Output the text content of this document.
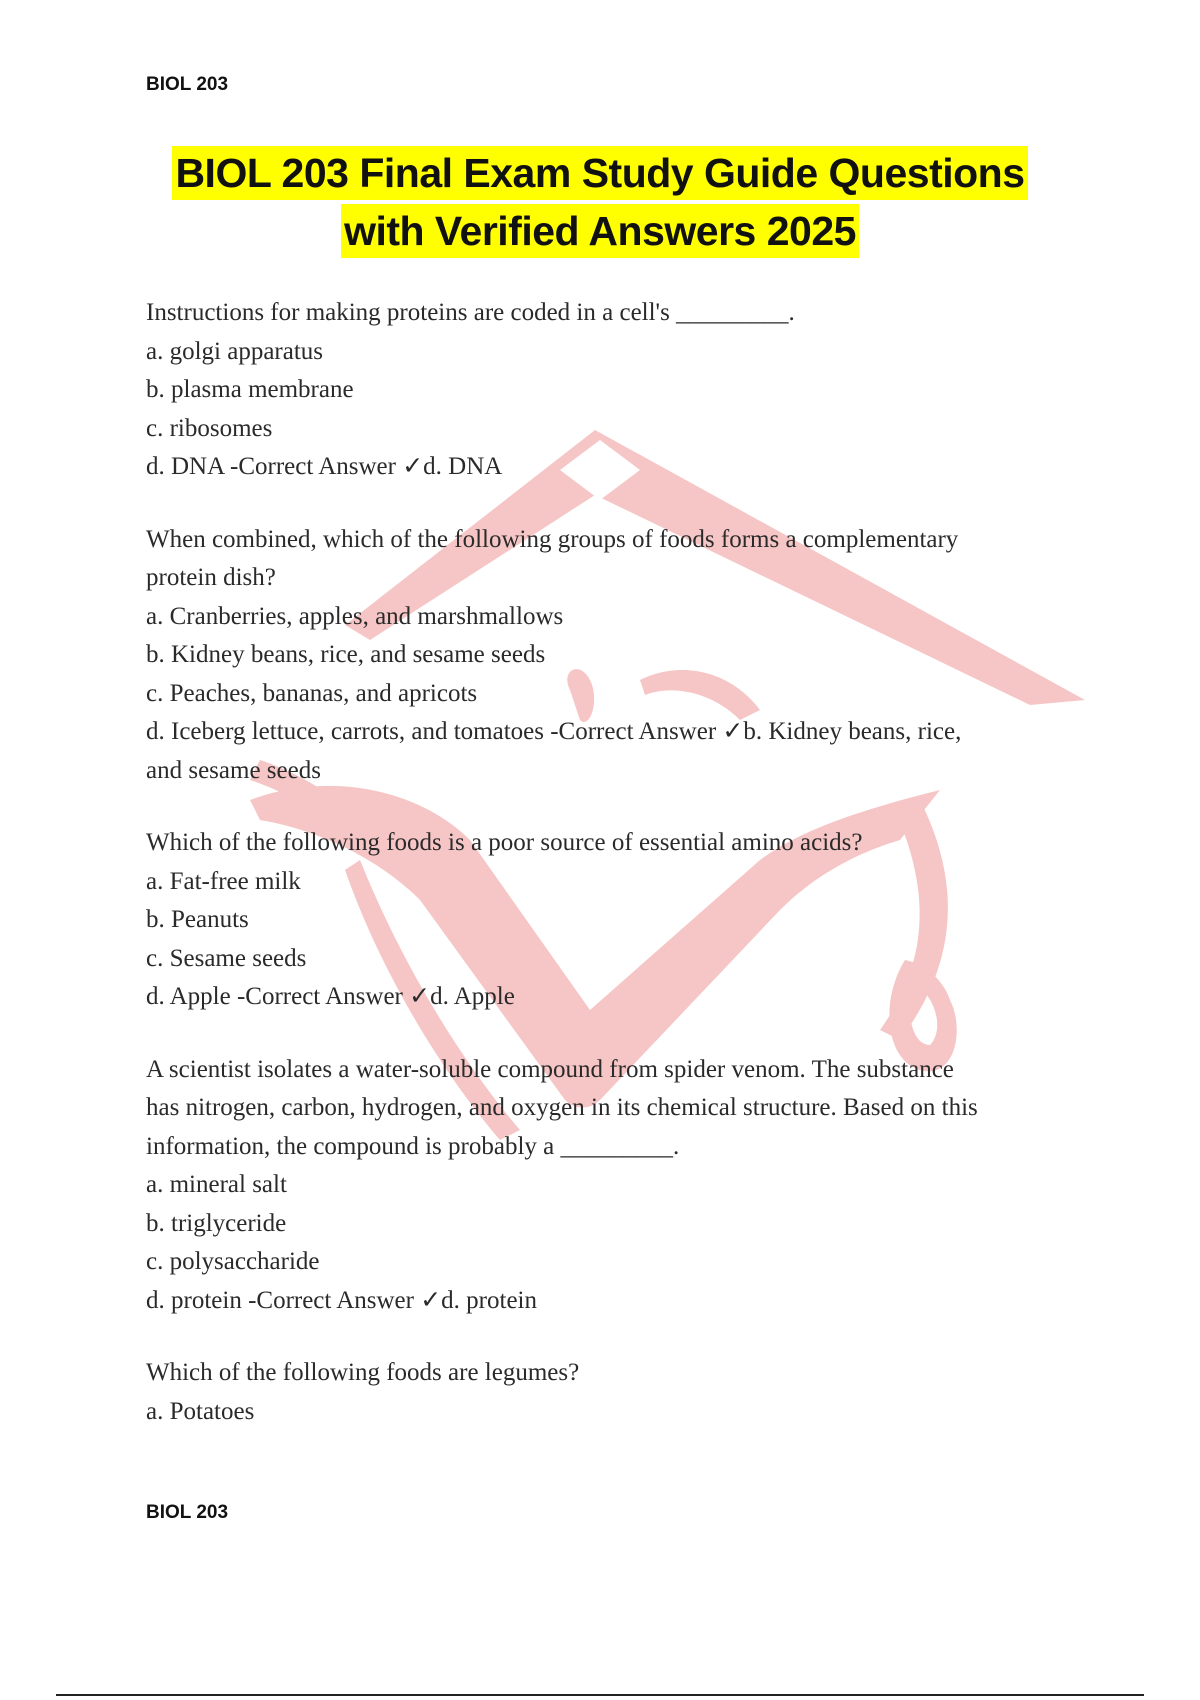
BIOL 203
BIOL 203 Final Exam Study Guide Questions
with Verified Answers 2025
Instructions for making proteins are coded in a cell's _________.
a. golgi apparatus
b. plasma membrane
c. ribosomes
d. DNA -Correct Answer ✓d. DNA
When combined, which of the following groups of foods forms a complementary
protein dish?
a. Cranberries, apples, and marshmallows
b. Kidney beans, rice, and sesame seeds
c. Peaches, bananas, and apricots
d. Iceberg lettuce, carrots, and tomatoes -Correct Answer ✓b. Kidney beans, rice,
and sesame seeds
Which of the following foods is a poor source of essential amino acids?
a. Fat-free milk
b. Peanuts
c. Sesame seeds
d. Apple -Correct Answer ✓d. Apple
A scientist isolates a water-soluble compound from spider venom. The substance
has nitrogen, carbon, hydrogen, and oxygen in its chemical structure. Based on this
information, the compound is probably a _________.
a. mineral salt
b. triglyceride
c. polysaccharide
d. protein -Correct Answer ✓d. protein
Which of the following foods are legumes?
a. Potatoes
BIOL 203
